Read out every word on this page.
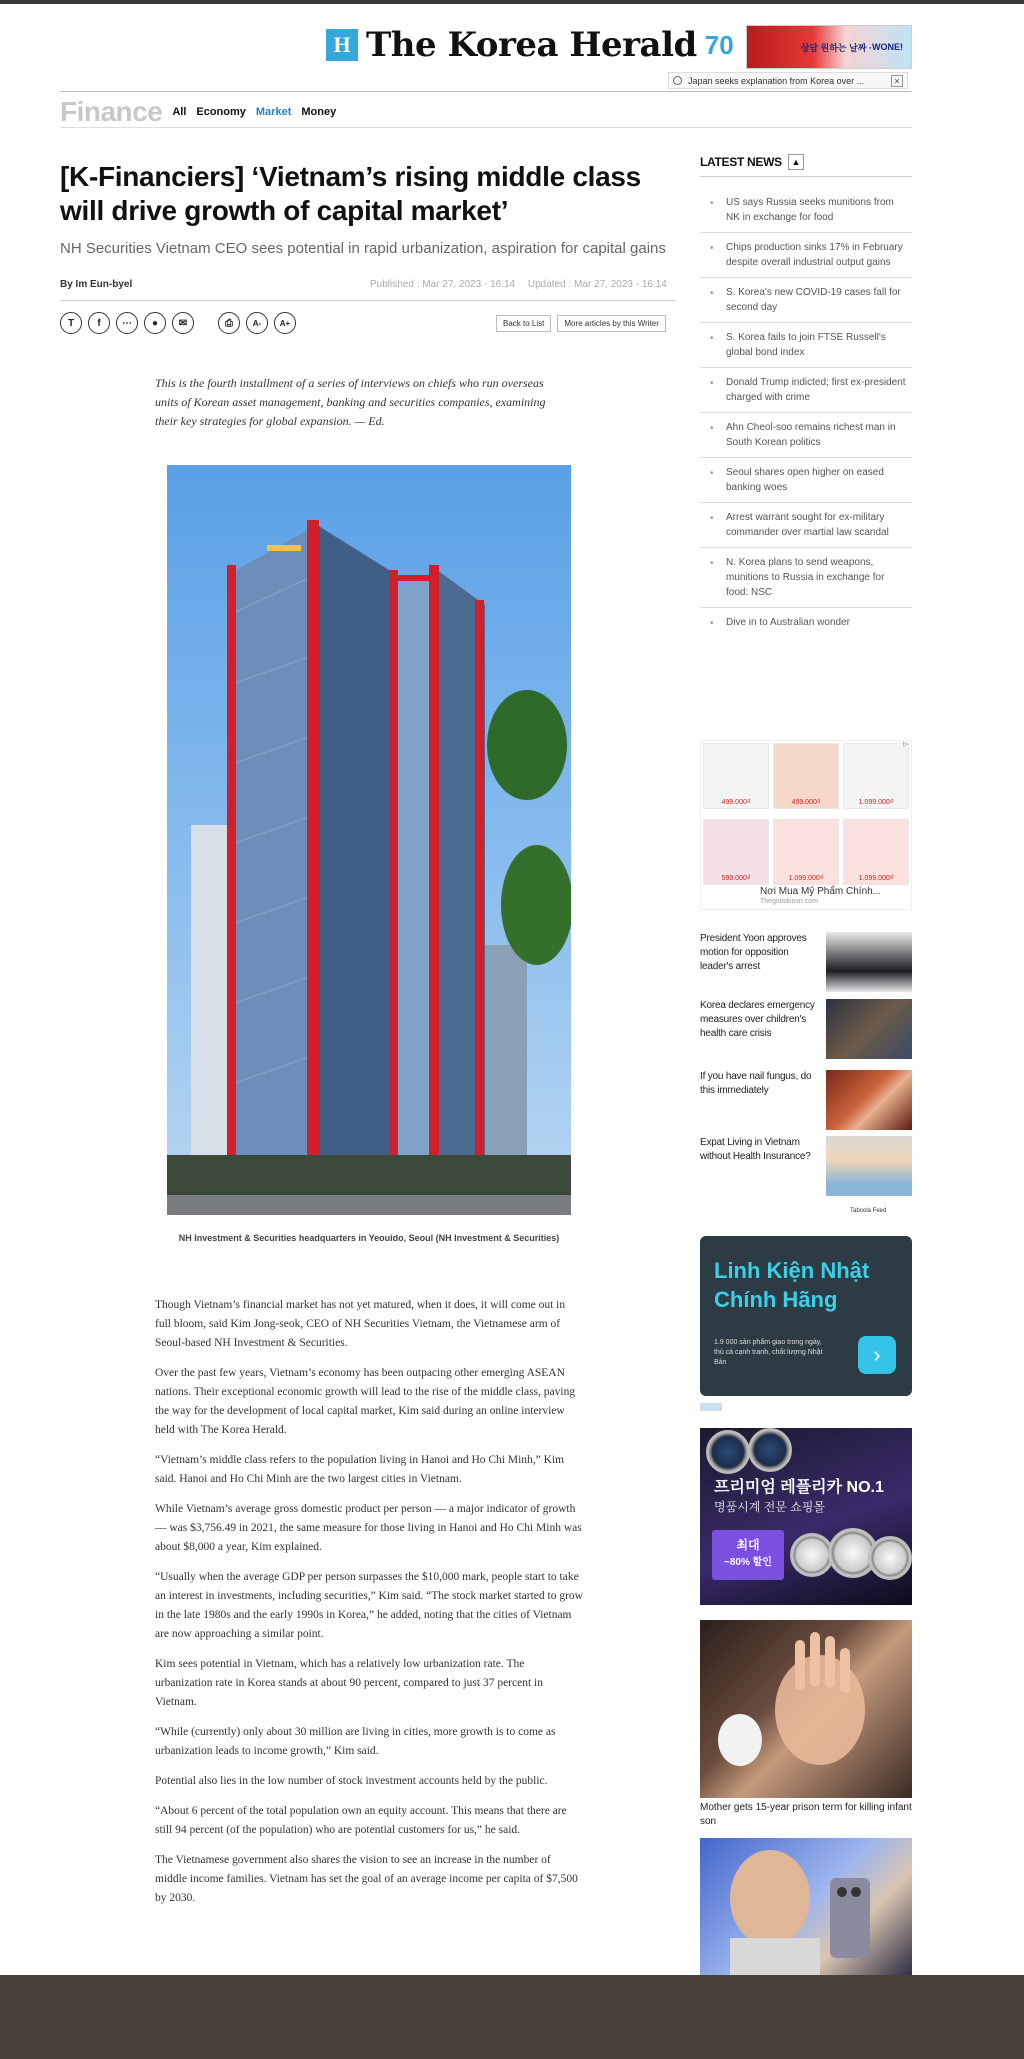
H The Korea Herald 70	상담 원하는 날짜 · WONE!
Japan seeks explanation from Korea over ...	×
Finance All Economy Market Money
[K-Financiers] ‘Vietnam’s rising middle class will drive growth of capital market’
NH Securities Vietnam CEO sees potential in rapid urbanization, aspiration for capital gains
By Im Eun-byel	Published : Mar 27, 2023 - 16:14 Updated : Mar 27, 2023 - 16:14
T	f	⋯	●	✉	⎙	A-	A+	Back to List	More articles by this Writer
This is the fourth installment of a series of interviews on chiefs who run overseas units of Korean asset management, banking and securities companies, examining their key strategies for global expansion. — Ed.
NH Investment & Securities headquarters in Yeouido, Seoul (NH Investment & Securities)

Though Vietnam’s financial market has not yet matured, when it does, it will come out in full bloom, said Kim Jong-seok, CEO of NH Securities Vietnam, the Vietnamese arm of Seoul-based NH Investment & Securities.

Over the past few years, Vietnam’s economy has been outpacing other emerging ASEAN nations. Their exceptional economic growth will lead to the rise of the middle class, paving the way for the development of local capital market, Kim said during an online interview held with The Korea Herald.

“Vietnam’s middle class refers to the population living in Hanoi and Ho Chi Minh,” Kim said. Hanoi and Ho Chi Minh are the two largest cities in Vietnam.

While Vietnam’s average gross domestic product per person — a major indicator of growth — was $3,756.49 in 2021, the same measure for those living in Hanoi and Ho Chi Minh was about $8,000 a year, Kim explained.

“Usually when the average GDP per person surpasses the $10,000 mark, people start to take an interest in investments, including securities,” Kim said. “The stock market started to grow in the late 1980s and the early 1990s in Korea,” he added, noting that the cities of Vietnam are now approaching a similar point.

Kim sees potential in Vietnam, which has a relatively low urbanization rate. The urbanization rate in Korea stands at about 90 percent, compared to just 37 percent in Vietnam.

“While (currently) only about 30 million are living in cities, more growth is to come as urbanization leads to income growth,” Kim said.

Potential also lies in the low number of stock investment accounts held by the public.

“About 6 percent of the total population own an equity account. This means that there are still 94 percent (of the population) who are potential customers for us,” he said.

The Vietnamese government also shares the vision to see an increase in the number of middle income families. Vietnam has set the goal of an average income per capita of $7,500 by 2030.

LATEST NEWS	▲
• US says Russia seeks munitions from NK in exchange for food
• Chips production sinks 17% in February despite overall industrial output gains
• S. Korea's new COVID-19 cases fall for second day
• S. Korea fails to join FTSE Russell's global bond index
• Donald Trump indicted; first ex-president charged with crime
• Ahn Cheol-soo remains richest man in South Korean politics
• Seoul shares open higher on eased banking woes
• Arrest warrant sought for ex-military commander over martial law scandal
• N. Korea plans to send weapons, munitions to Russia in exchange for food: NSC
• Dive in to Australian wonder
499.000₫	499.000₫	1.099.000₫
599.000₫	1.099.000₫	1.099.000₫
▷
Nơi Mua Mỹ Phẩm Chính...
Thegioiskinvn.com
President Yoon approves motion for opposition leader's arrest
Korea declares emergency measures over children's health care crisis
If you have nail fungus, do this immediately
Expat Living in Vietnam without Health Insurance?
Taboola Feed
Linh Kiện Nhật Chính Hãng
1.9 000 sản phẩm giao trong ngày, thủ cá cạnh tranh, chất lượng Nhật Bản	›
프리미엄 레플리카 NO.1
명품시계 전문 쇼핑몰
최대
~80% 할인
Mother gets 15-year prison term for killing infant son
